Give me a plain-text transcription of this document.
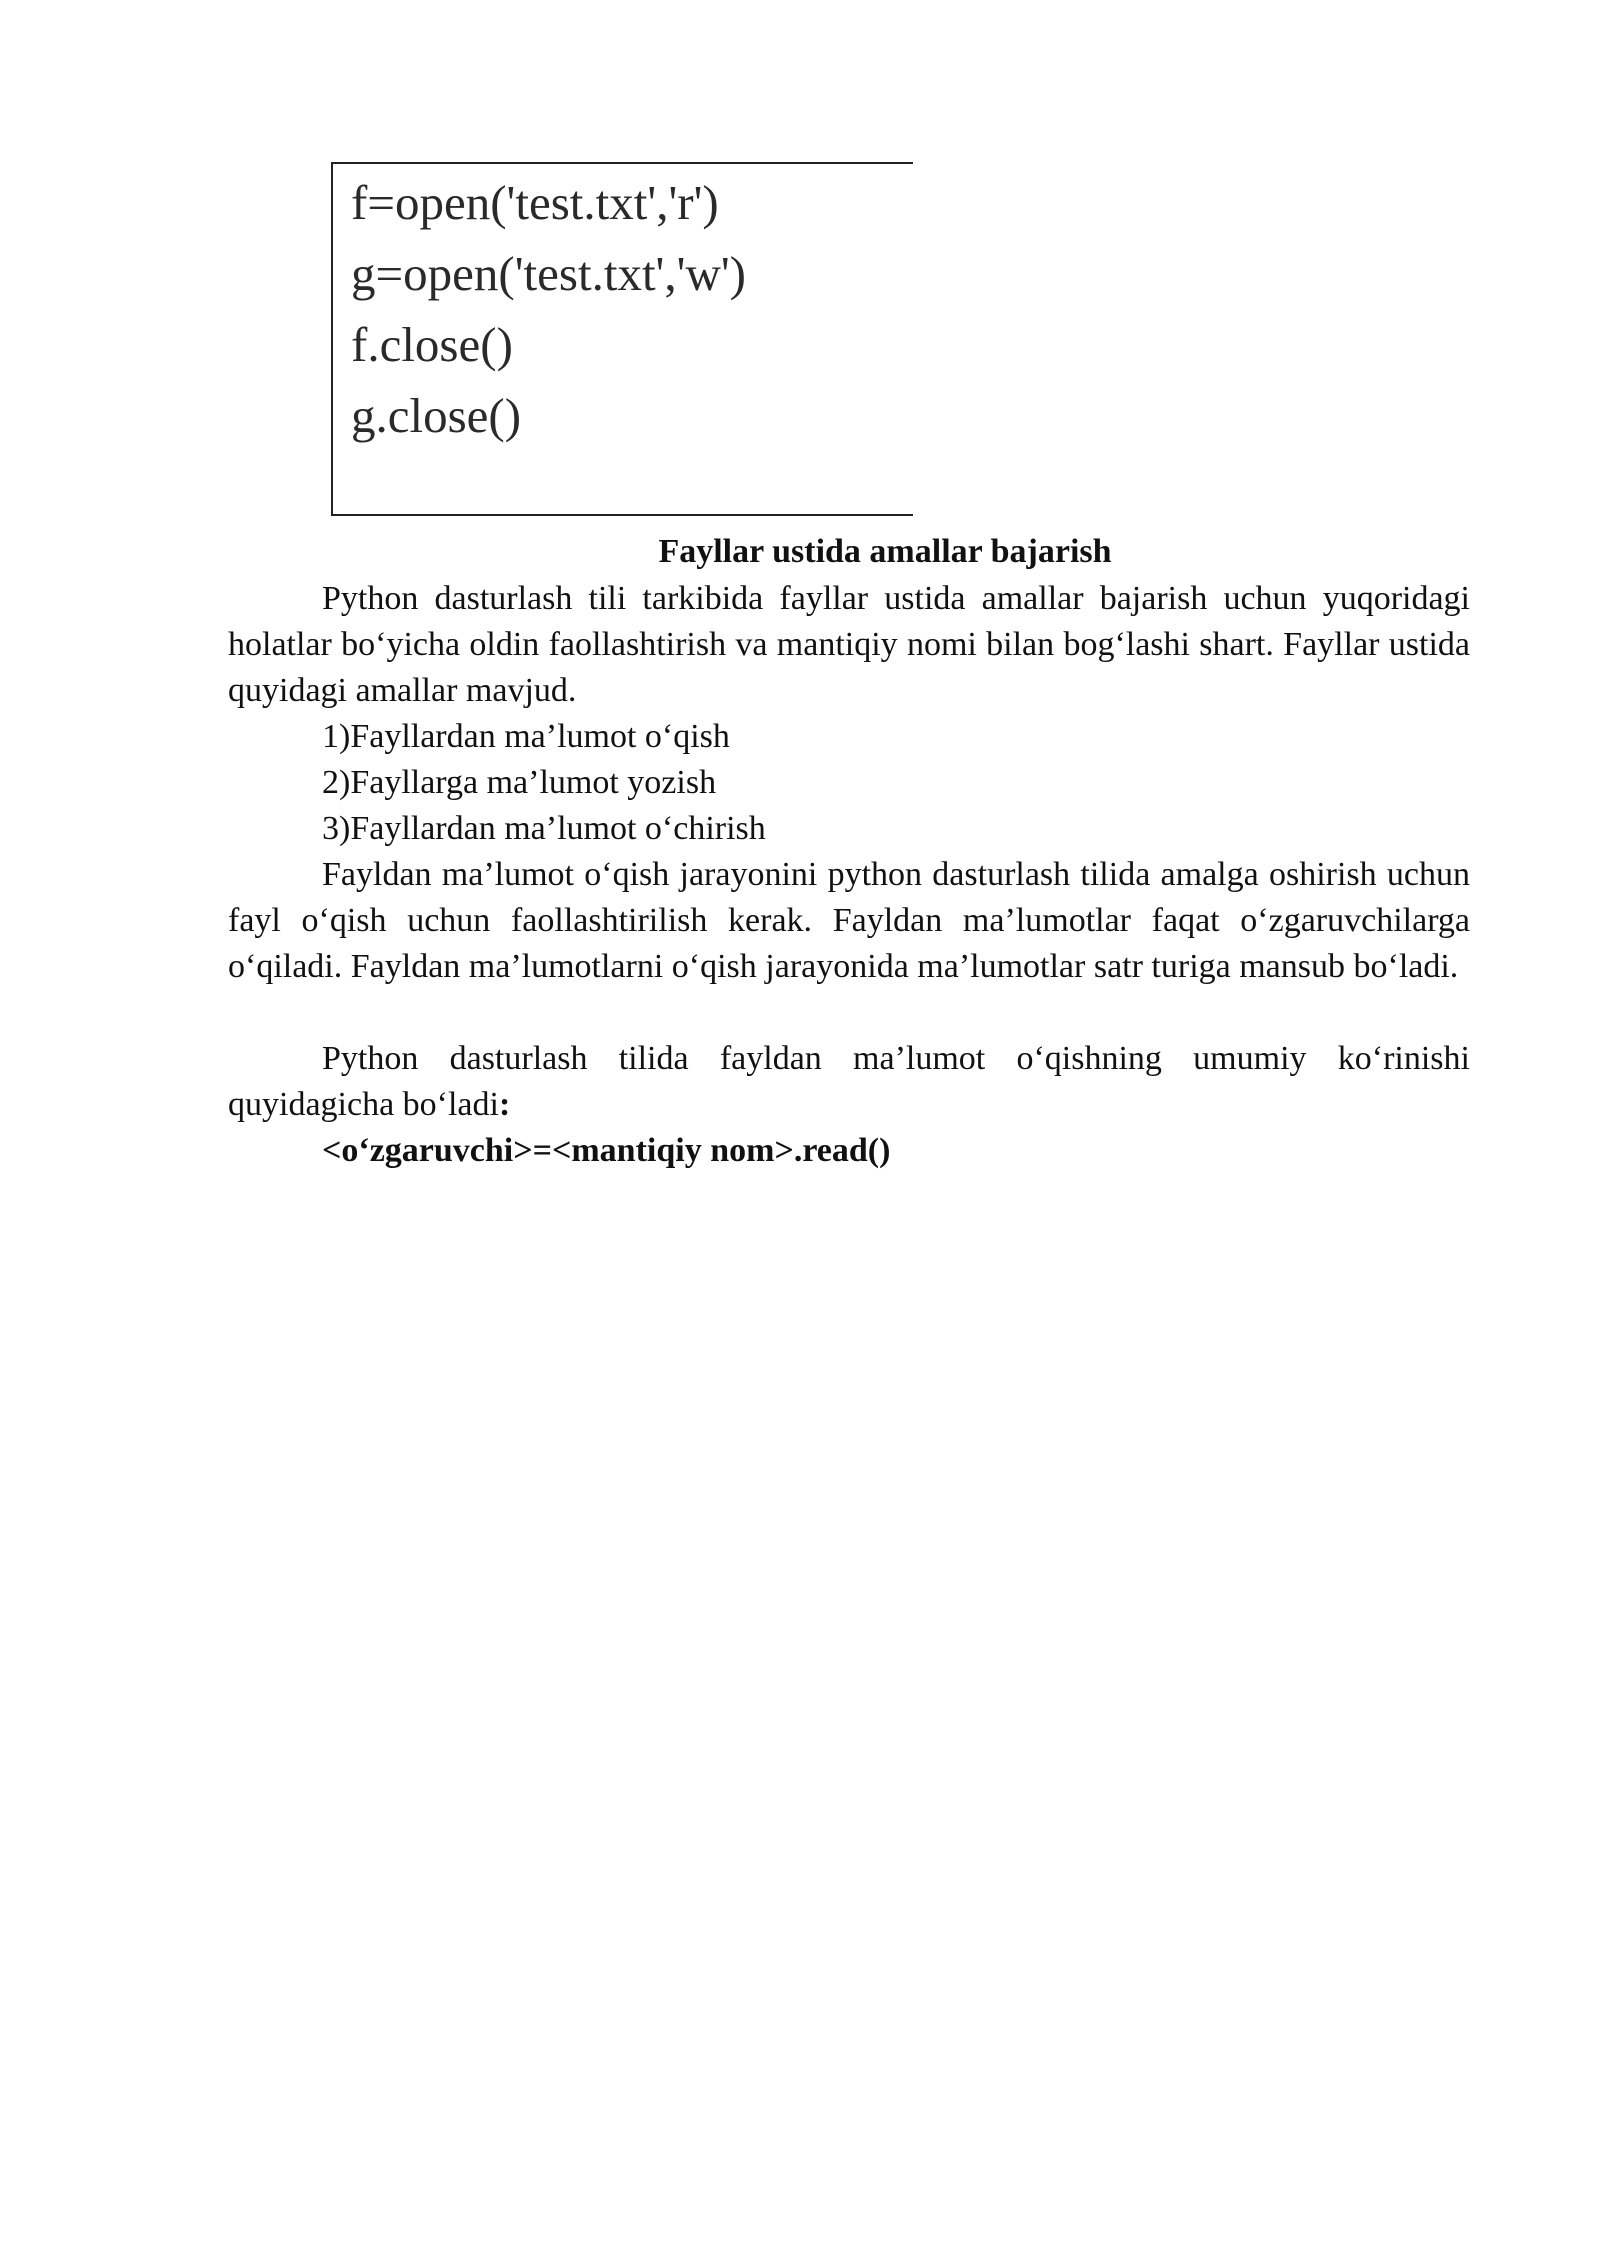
f=open('test.txt','r')
g=open('test.txt','w')
f.close()
g.close()
Fayllar ustida amallar bajarish

Python dasturlash tili tarkibida fayllar ustida amallar bajarish uchun yuqoridagi holatlar bo‘yicha oldin faollashtirish va mantiqiy nomi bilan bog‘lashi shart. Fayllar ustida quyidagi amallar mavjud.

1)Fayllardan ma’lumot o‘qish
2)Fayllarga ma’lumot yozish
3)Fayllardan ma’lumot o‘chirish

Fayldan ma’lumot o‘qish jarayonini python dasturlash tilida amalga oshirish uchun fayl o‘qish uchun faollashtirilish kerak. Fayldan ma’lumotlar faqat o‘zgaruvchilarga o‘qiladi. Fayldan ma’lumotlarni o‘qish jarayonida ma’lumotlar satr turiga mansub bo‘ladi.

Python dasturlash tilida fayldan ma’lumot o‘qishning umumiy ko‘rinishi quyidagicha bo‘ladi:

<o‘zgaruvchi>=<mantiqiy nom>.read()
